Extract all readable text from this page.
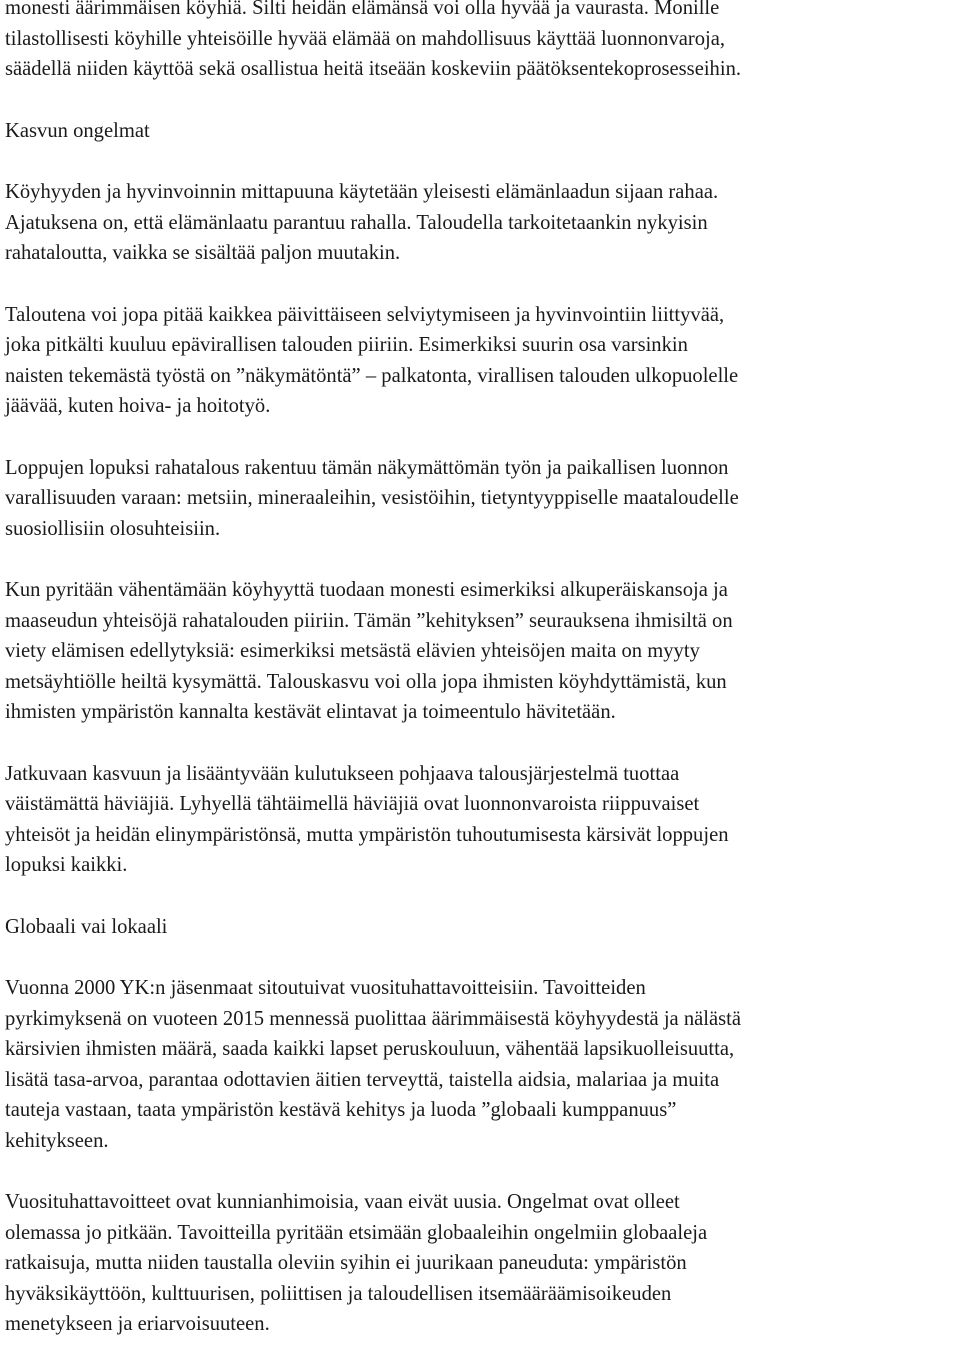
monesti äärimmäisen köyhiä. Silti heidän elämänsä voi olla hyvää ja vaurasta. Monille
tilastollisesti köyhille yhteisöille hyvää elämää on mahdollisuus käyttää luonnonvaroja,
säädellä niiden käyttöä sekä osallistua heitä itseään koskeviin päätöksentekoprosesseihin.
Kasvun ongelmat
Köyhyyden ja hyvinvoinnin mittapuuna käytetään yleisesti elämänlaadun sijaan rahaa.
Ajatuksena on, että elämänlaatu parantuu rahalla. Taloudella tarkoitetaankin nykyisin
rahataloutta, vaikka se sisältää paljon muutakin.
Taloutena voi jopa pitää kaikkea päivittäiseen selviytymiseen ja hyvinvointiin liittyvää,
joka pitkälti kuuluu epävirallisen talouden piiriin. Esimerkiksi suurin osa varsinkin
naisten tekemästä työstä on ”näkymätöntä” – palkatonta, virallisen talouden ulkopuolelle
jäävää, kuten hoiva- ja hoitotyö.
Loppujen lopuksi rahatalous rakentuu tämän näkymättömän työn ja paikallisen luonnon
varallisuuden varaan: metsiin, mineraaleihin, vesistöihin, tietyntyyppiselle maataloudelle
suosiollisiin olosuhteisiin.
Kun pyritään vähentämään köyhyyttä tuodaan monesti esimerkiksi alkuperäiskansoja ja
maaseudun yhteisöjä rahatalouden piiriin. Tämän ”kehityksen” seurauksena ihmisiltä on
viety elämisen edellytyksiä: esimerkiksi metsästä elävien yhteisöjen maita on myyty
metsäyhtiölle heiltä kysymättä. Talouskasvu voi olla jopa ihmisten köyhdyttämistä, kun
ihmisten ympäristön kannalta kestävät elintavat ja toimeentulo hävitetään.
Jatkuvaan kasvuun ja lisääntyvään kulutukseen pohjaava talousjärjestelmä tuottaa
väistämättä häviäjiä. Lyhyellä tähtäimellä häviäjiä ovat luonnonvaroista riippuvaiset
yhteisöt ja heidän elinympäristönsä, mutta ympäristön tuhoutumisesta kärsivät loppujen
lopuksi kaikki.
Globaali vai lokaali
Vuonna 2000 YK:n jäsenmaat sitoutuivat vuosituhattavoitteisiin. Tavoitteiden
pyrkimyksenä on vuoteen 2015 mennessä puolittaa äärimmäisestä köyhyydestä ja nälästä
kärsivien ihmisten määrä, saada kaikki lapset peruskouluun, vähentää lapsikuolleisuutta,
lisätä tasa-arvoa, parantaa odottavien äitien terveyttä, taistella aidsia, malariaa ja muita
tauteja vastaan, taata ympäristön kestävä kehitys ja luoda ”globaali kumppanuus”
kehitykseen.
Vuosituhattavoitteet ovat kunnianhimoisia, vaan eivät uusia. Ongelmat ovat olleet
olemassa jo pitkään. Tavoitteilla pyritään etsimään globaaleihin ongelmiin globaaleja
ratkaisuja, mutta niiden taustalla oleviin syihin ei juurikaan paneuduta: ympäristön
hyväksikäyttöön, kulttuurisen, poliittisen ja taloudellisen itsemääräämisoikeuden
menetykseen ja eriarvoisuuteen.
